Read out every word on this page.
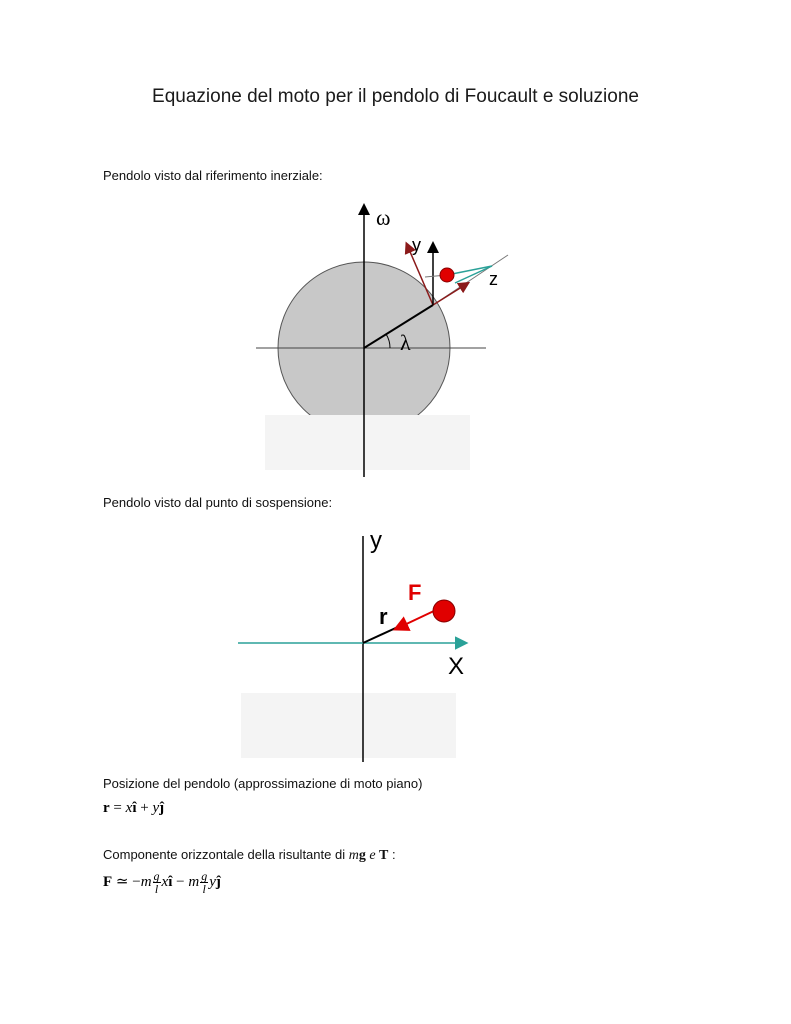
Equazione del moto per il pendolo di Foucault e soluzione
Pendolo visto dal riferimento inerziale:
ω
y
z
λ
Pendolo visto dal punto di sospensione:
y
X
F
r
Posizione del pendolo (approssimazione di moto piano)
r = xî + yĵ
Componente orizzontale della risultante di mg e T :
F ≃ $-m \frac{g}{l}$ xî − m $\frac{g}{l}$ yĵ
